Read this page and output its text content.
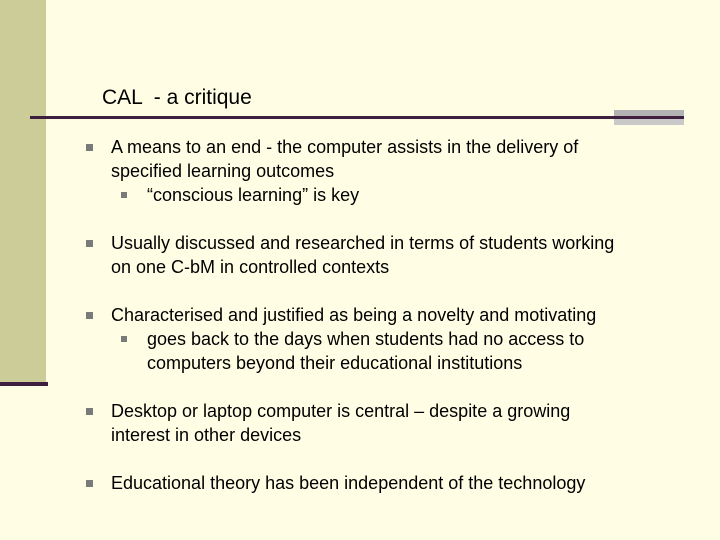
CAL  - a critique
A means to an end - the computer assists in the delivery of
specified learning outcomes
“conscious learning” is key
Usually discussed and researched in terms of students working
on one C-bM in controlled contexts
Characterised and justified as being a novelty and motivating
goes back to the days when students had no access to
computers beyond their educational institutions
Desktop or laptop computer is central – despite a growing
interest in other devices
Educational theory has been independent of the technology
